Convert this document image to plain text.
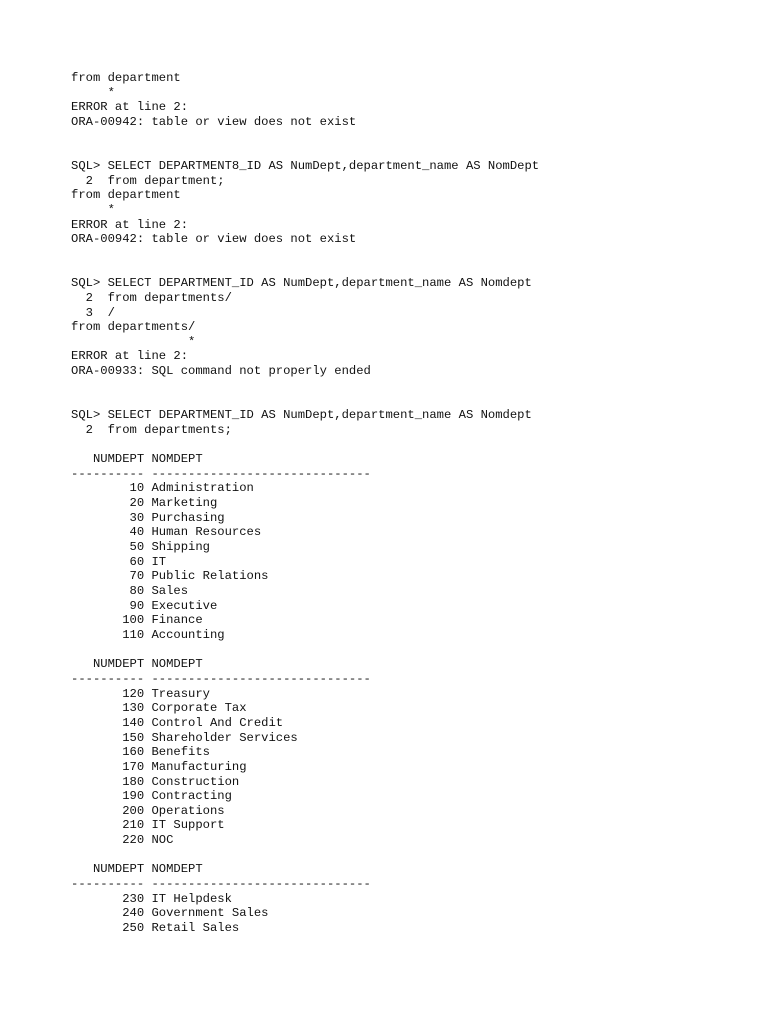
from department
*
ERROR at line 2:
ORA-00942: table or view does not exist
SQL> SELECT DEPARTMENT8_ID AS NumDept,department_name AS NomDept
2  from department;
from department
*
ERROR at line 2:
ORA-00942: table or view does not exist
SQL> SELECT DEPARTMENT_ID AS NumDept,department_name AS Nomdept
2  from departments/
3  /
from departments/
*
ERROR at line 2:
ORA-00933: SQL command not properly ended
SQL> SELECT DEPARTMENT_ID AS NumDept,department_name AS Nomdept
2  from departments;
NUMDEPT NOMDEPT
---------- ------------------------------
10 Administration
20 Marketing
30 Purchasing
40 Human Resources
50 Shipping
60 IT
70 Public Relations
80 Sales
90 Executive
100 Finance
110 Accounting
NUMDEPT NOMDEPT
---------- ------------------------------
120 Treasury
130 Corporate Tax
140 Control And Credit
150 Shareholder Services
160 Benefits
170 Manufacturing
180 Construction
190 Contracting
200 Operations
210 IT Support
220 NOC
NUMDEPT NOMDEPT
---------- ------------------------------
230 IT Helpdesk
240 Government Sales
250 Retail Sales
